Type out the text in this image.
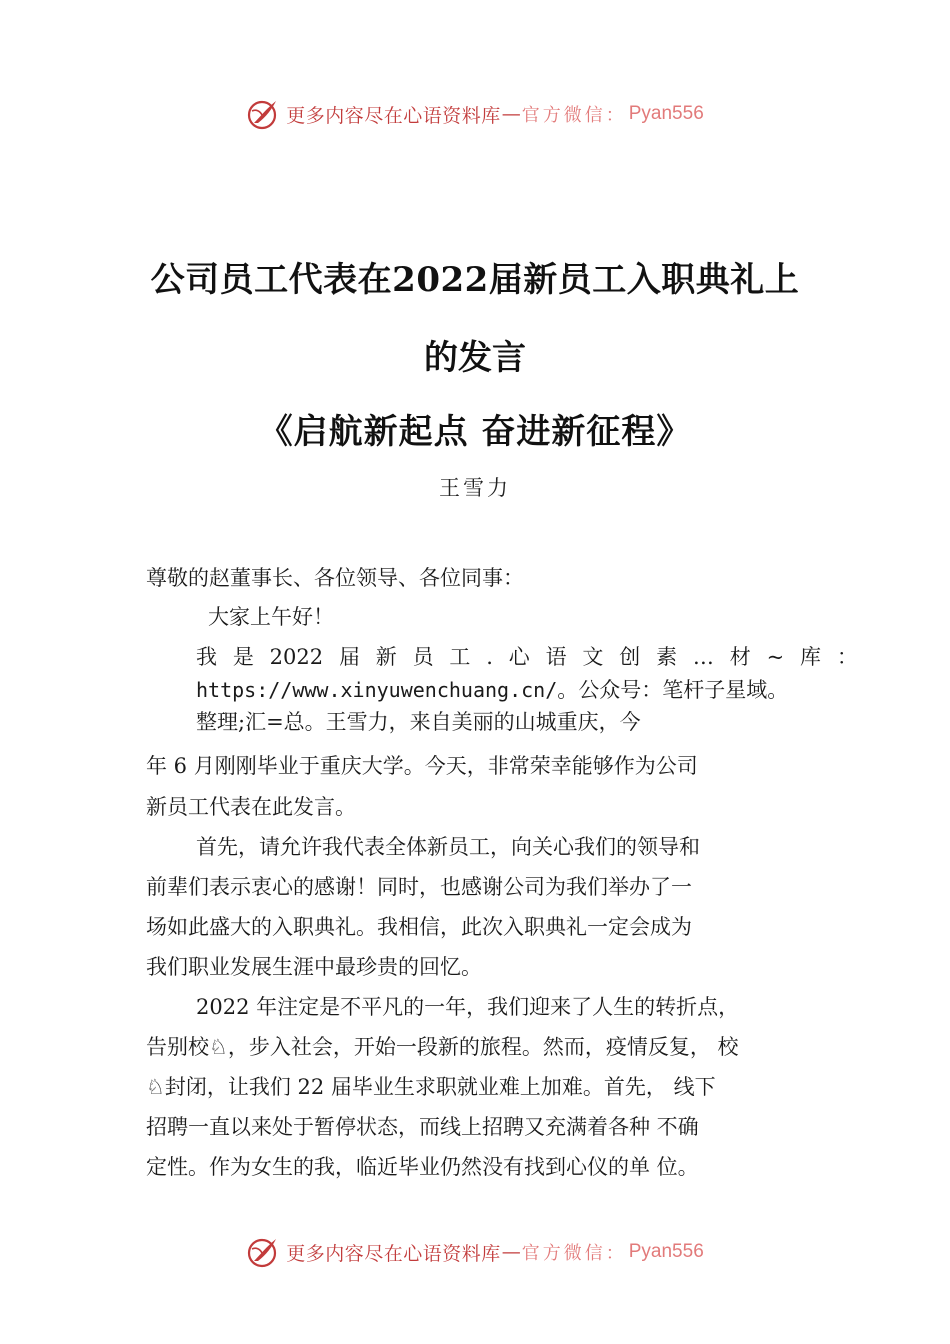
更多内容尽在心语资料库 — 官方微信： Pyan556
公司员工代表在2022届新员工入职典礼上
的发言
《启航新起点 奋进新征程》
王雪力
尊敬的赵董事长、各位领导、各位同事：
大家上午好！
我 是 2022 届 新 员 工 . 心 语 文 创 素 … 材 ~ 库 ：
https://www.xinyuwenchuang.cn/。公众号：笔杆子星域。
整理;汇=总。王雪力，来自美丽的山城重庆，今
年 6 月刚刚毕业于重庆大学。今天，非常荣幸能够作为公司
新员工代表在此发言。
首先，请允许我代表全体新员工，向关心我们的领导和
前辈们表示衷心的感谢！同时，也感谢公司为我们举办了一
场如此盛大的入职典礼。我相信，此次入职典礼一定会成为
我们职业发展生涯中最珍贵的回忆。
2022 年注定是不平凡的一年，我们迎来了人生的转折点，
告别校♘，步入社会，开始一段新的旅程。然而，疫情反复， 校
♘封闭，让我们 22 届毕业生求职就业难上加难。首先， 线下
招聘一直以来处于暂停状态，而线上招聘又充满着各种 不确
定性。作为女生的我，临近毕业仍然没有找到心仪的单 位。
更多内容尽在心语资料库 — 官方微信： Pyan556
